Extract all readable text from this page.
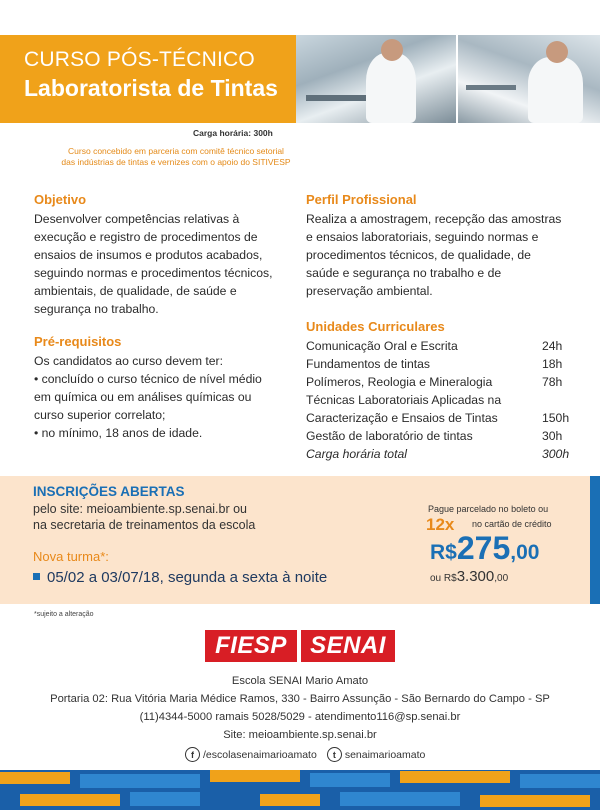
CURSO PÓS-TÉCNICO
Laboratorista de Tintas
Carga horária: 300h
Curso concebido em parceria com comitê técnico setorial
das indústrias de tintas e vernizes com o apoio do SITIVESP
Objetivo
Desenvolver competências relativas à
execução e registro de procedimentos de
ensaios de insumos e produtos acabados,
seguindo normas e procedimentos técnicos,
ambientais, de qualidade, de saúde e
segurança no trabalho.
Pré-requisitos
Os candidatos ao curso devem ter:
• concluído o curso técnico de nível médio
em química ou em análises químicas ou
curso superior correlato;
• no mínimo, 18 anos de idade.
Perfil Profissional
Realiza a amostragem, recepção das amostras
e ensaios laboratoriais, seguindo normas e
procedimentos técnicos, de qualidade, de
saúde e segurança no trabalho e de
preservação ambiental.
Unidades Curriculares
Comunicação Oral e Escrita	24h
Fundamentos de tintas	18h
Polímeros, Reologia e Mineralogia	78h
Técnicas Laboratoriais Aplicadas na
Caracterização e Ensaios de Tintas	150h
Gestão de laboratório de tintas	30h
Carga horária total	300h
INSCRIÇÕES ABERTAS
pelo site: meioambiente.sp.senai.br ou
na secretaria de treinamentos da escola
Nova turma*:
05/02 a 03/07/18, segunda a sexta à noite
Pague parcelado no boleto ou
12x no cartão de crédito
R$275,00
ou R$3.300,00
*sujeito a alteração
FIESP SENAI
Escola SENAI Mario Amato
Portaria 02: Rua Vitória Maria Médice Ramos, 330 - Bairro Assunção - São Bernardo do Campo - SP
(11)4344-5000 ramais 5028/5029 - atendimento116@sp.senai.br
Site: meioambiente.sp.senai.br
f /escolasenaimarioamato	t senaimarioamato
